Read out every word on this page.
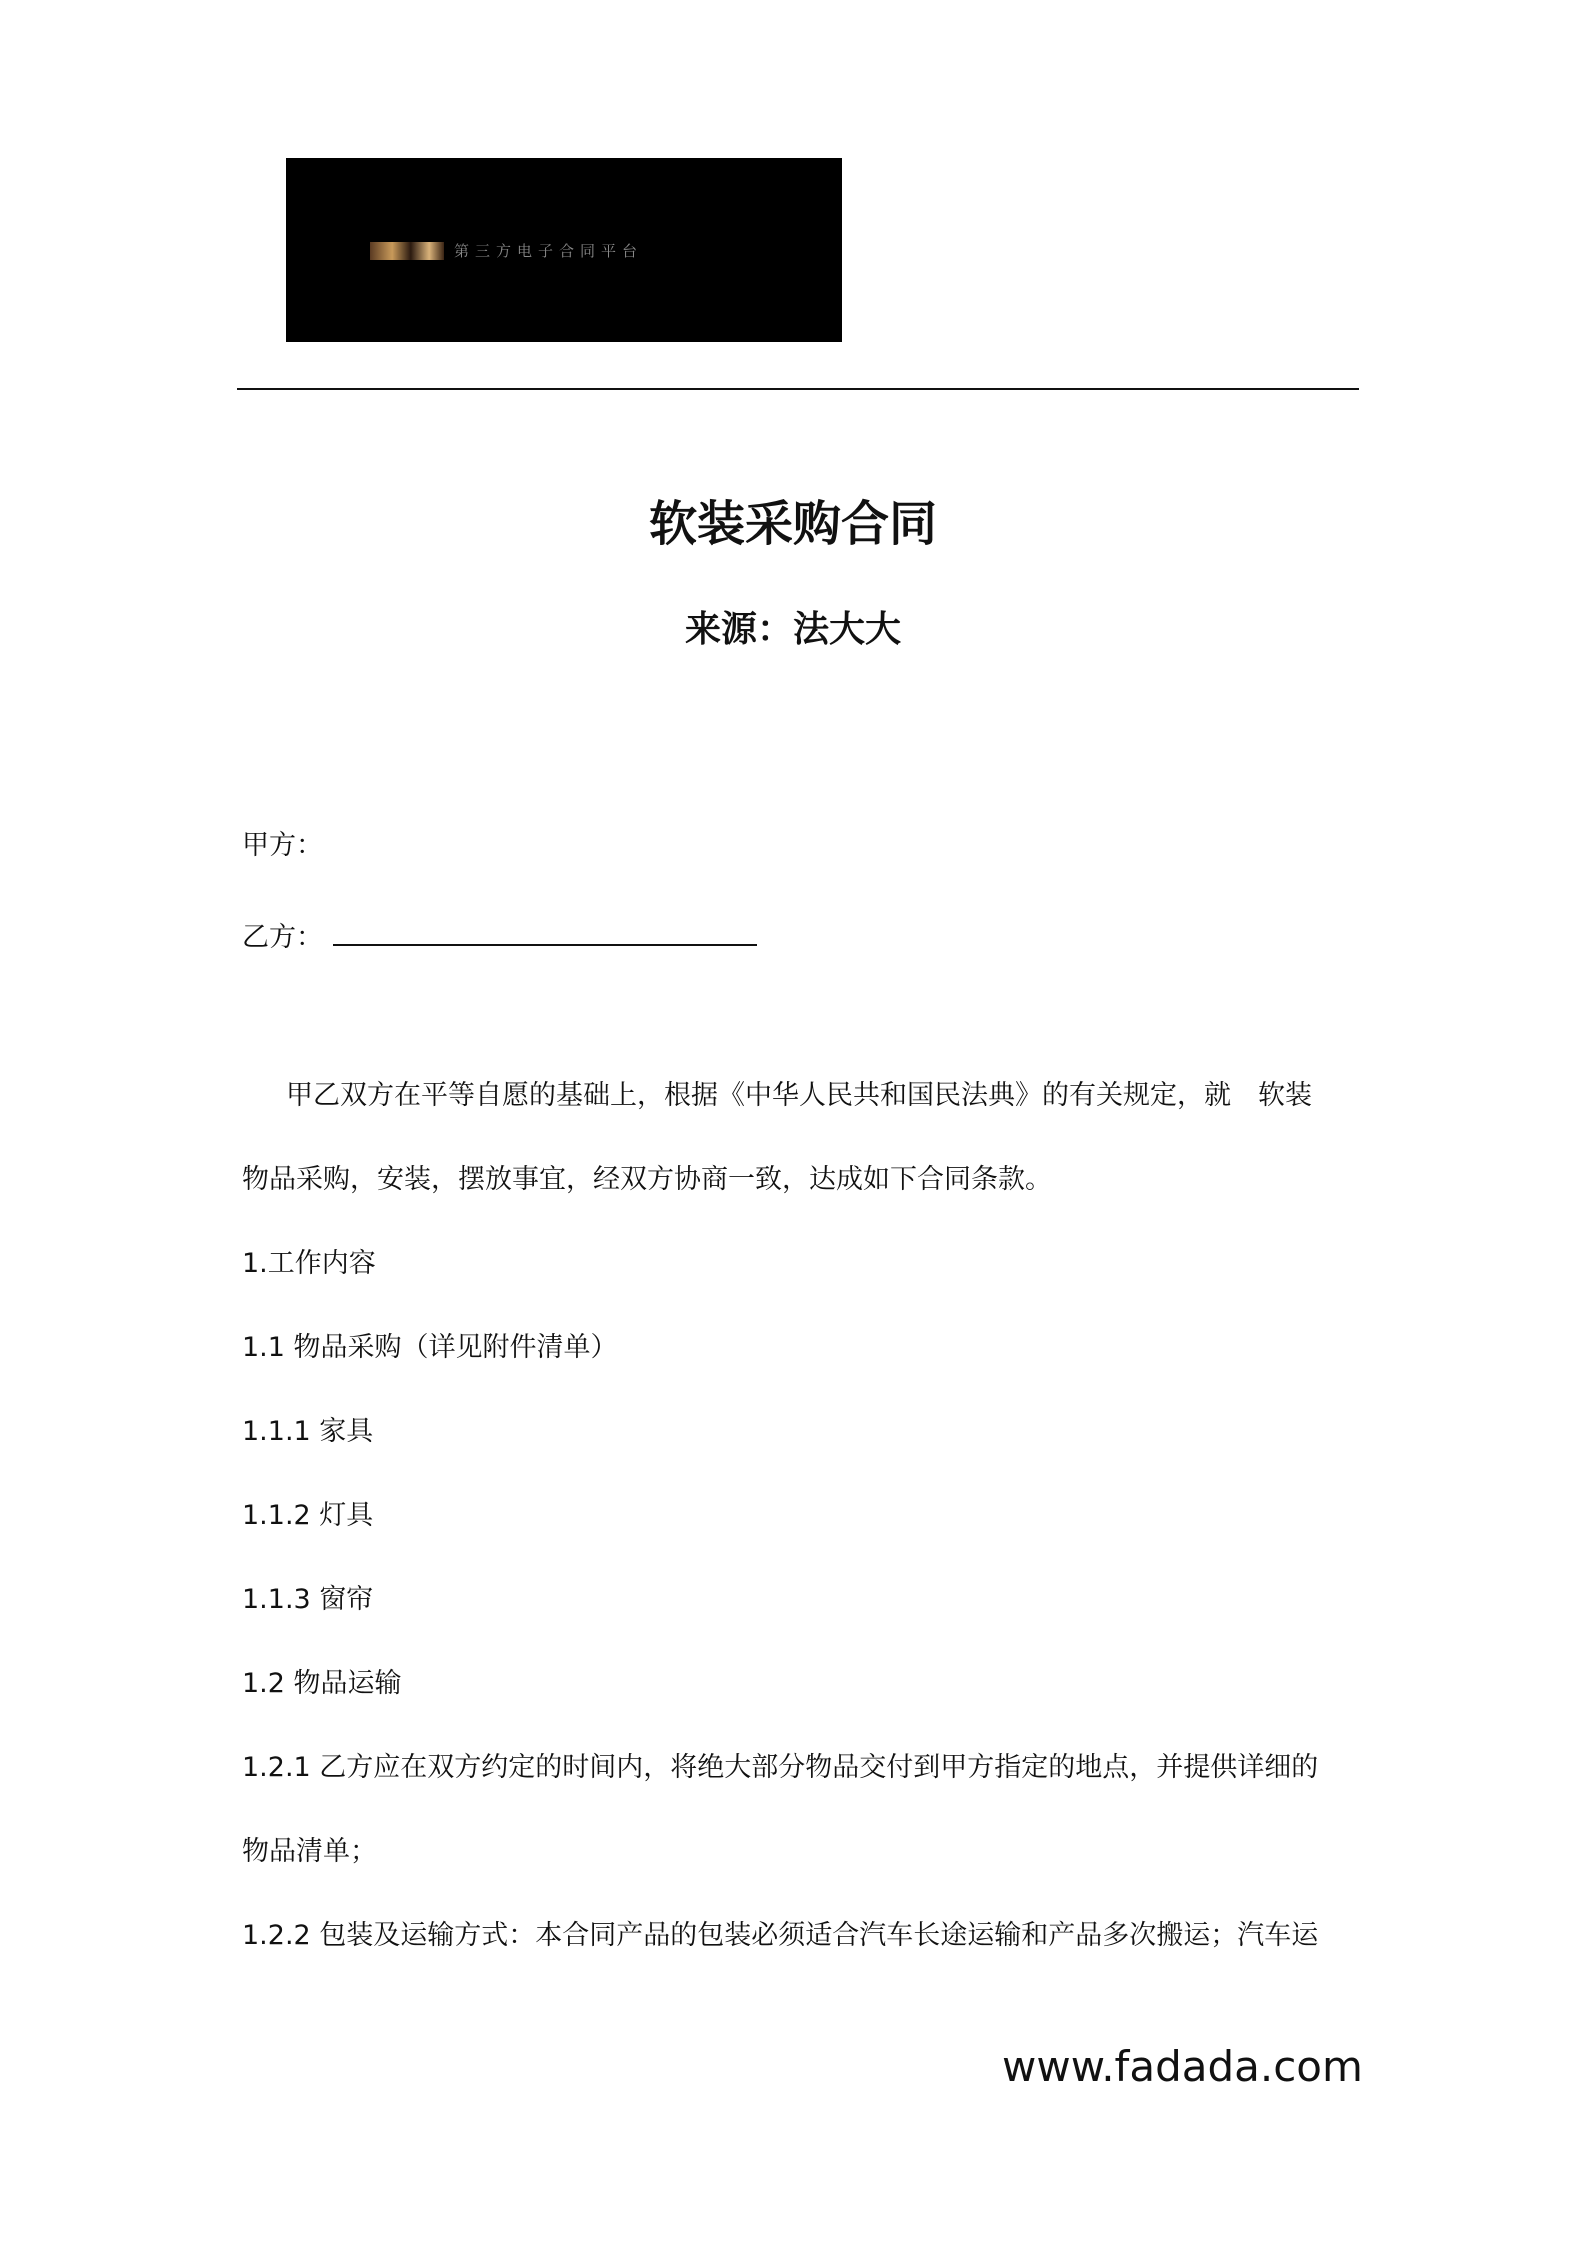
第三方电子合同平台
软装采购合同
来源：法大大
甲方：
乙方：
甲乙双方在平等自愿的基础上，根据《中华人民共和国民法典》的有关规定，就　软装
物品采购，安装，摆放事宜，经双方协商一致，达成如下合同条款。
1.工作内容
1.1 物品采购（详见附件清单）
1.1.1 家具
1.1.2 灯具
1.1.3 窗帘
1.2 物品运输
1.2.1 乙方应在双方约定的时间内，将绝大部分物品交付到甲方指定的地点，并提供详细的
物品清单；
1.2.2 包装及运输方式：本合同产品的包装必须适合汽车长途运输和产品多次搬运；汽车运
www.fadada.com
